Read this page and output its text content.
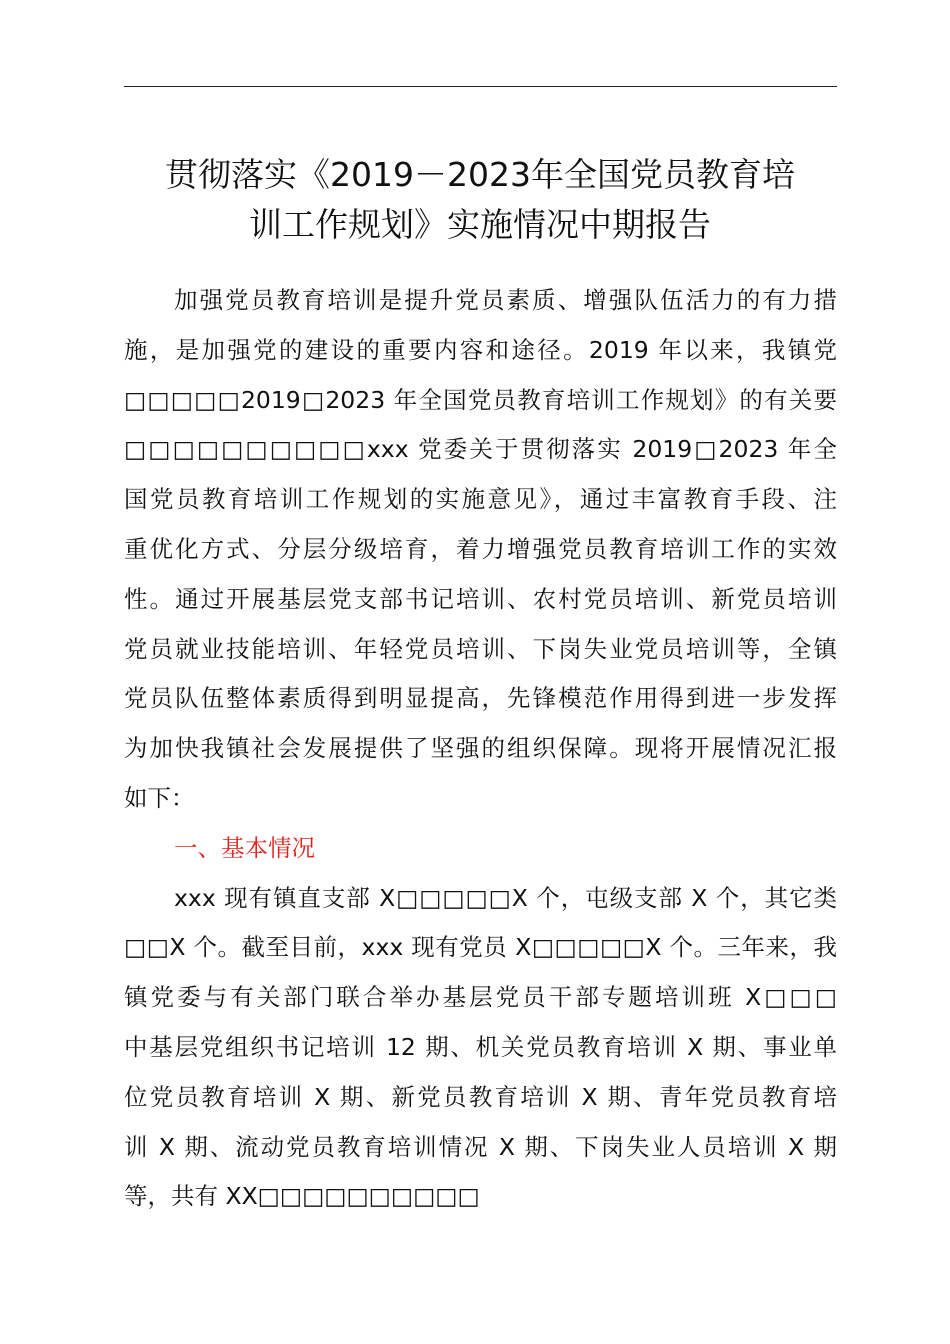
贯彻落实《2019－2023年全国党员教育培
训工作规划》实施情况中期报告
加强党员教育培训是提升党员素质、增强队伍活力的有力措
施，是加强党的建设的重要内容和途径。2019 年以来，我镇党
□□□□□2019□2023 年全国党员教育培训工作规划》的有关要
□□□□□□□□□□xxx 党委关于贯彻落实 2019□2023 年全
国党员教育培训工作规划的实施意见》，通过丰富教育手段、注
重优化方式、分层分级培育，着力增强党员教育培训工作的实效
性。通过开展基层党支部书记培训、农村党员培训、新党员培训
党员就业技能培训、年轻党员培训、下岗失业党员培训等，全镇
党员队伍整体素质得到明显提高，先锋模范作用得到进一步发挥
为加快我镇社会发展提供了坚强的组织保障。现将开展情况汇报
如下：
一、基本情况
xxx 现有镇直支部 X□□□□□X 个，屯级支部 X 个，其它类
□□X 个。截至目前，xxx 现有党员 X□□□□□X 个。三年来，我
镇党委与有关部门联合举办基层党员干部专题培训班 X□□□
中基层党组织书记培训 12 期、机关党员教育培训 X 期、事业单
位党员教育培训 X 期、新党员教育培训 X 期、青年党员教育培
训 X 期、流动党员教育培训情况 X 期、下岗失业人员培训 X 期
等，共有 XX□□□□□□□□□□
